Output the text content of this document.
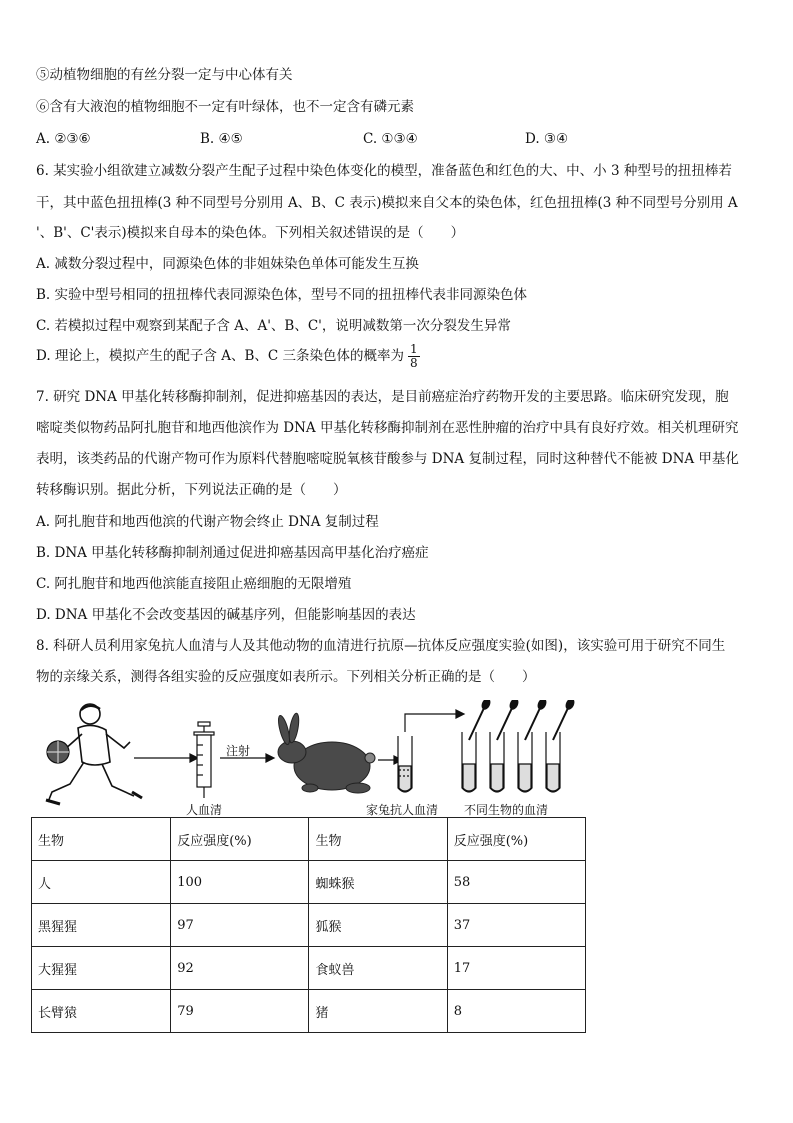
⑤动植物细胞的有丝分裂一定与中心体有关
⑥含有大液泡的植物细胞不一定有叶绿体，也不一定含有磷元素
A. ②③⑥	B. ④⑤	C. ①③④	D. ③④
6. 某实验小组欲建立减数分裂产生配子过程中染色体变化的模型，准备蓝色和红色的大、中、小 3 种型号的扭扭棒若
干，其中蓝色扭扭棒(3 种不同型号分别用 A、B、C 表示)模拟来自父本的染色体，红色扭扭棒(3 种不同型号分别用 A
'、B'、C'表示)模拟来自母本的染色体。下列相关叙述错误的是（　　）
A. 减数分裂过程中，同源染色体的非姐妹染色单体可能发生互换
B. 实验中型号相同的扭扭棒代表同源染色体，型号不同的扭扭棒代表非同源染色体
C. 若模拟过程中观察到某配子含 A、A'、B、C'，说明减数第一次分裂发生异常
D. 理论上，模拟产生的配子含 A、B、C 三条染色体的概率为 $\frac{1}{8}$
7. 研究 DNA 甲基化转移酶抑制剂，促进抑癌基因的表达，是目前癌症治疗药物开发的主要思路。临床研究发现，胞
嘧啶类似物药品阿扎胞苷和地西他滨作为 DNA 甲基化转移酶抑制剂在恶性肿瘤的治疗中具有良好疗效。相关机理研究
表明，该类药品的代谢产物可作为原料代替胞嘧啶脱氧核苷酸参与 DNA 复制过程，同时这种替代不能被 DNA 甲基化
转移酶识别。据此分析，下列说法正确的是（　　）
A. 阿扎胞苷和地西他滨的代谢产物会终止 DNA 复制过程
B. DNA 甲基化转移酶抑制剂通过促进抑癌基因高甲基化治疗癌症
C. 阿扎胞苷和地西他滨能直接阻止癌细胞的无限增殖
D. DNA 甲基化不会改变基因的碱基序列，但能影响基因的表达
8. 科研人员利用家兔抗人血清与人及其他动物的血清进行抗原—抗体反应强度实验(如图)，该实验可用于研究不同生
物的亲缘关系，测得各组实验的反应强度如表所示。下列相关分析正确的是（　　）
注射
人血清	家兔抗人血清 不同生物的血清
生物	反应强度(%)	生物	反应强度(%)
人	100	蜘蛛猴	58
黑猩猩	97	狐猴	37
大猩猩	92	食蚁兽	17
长臂猿	79	猪	8
